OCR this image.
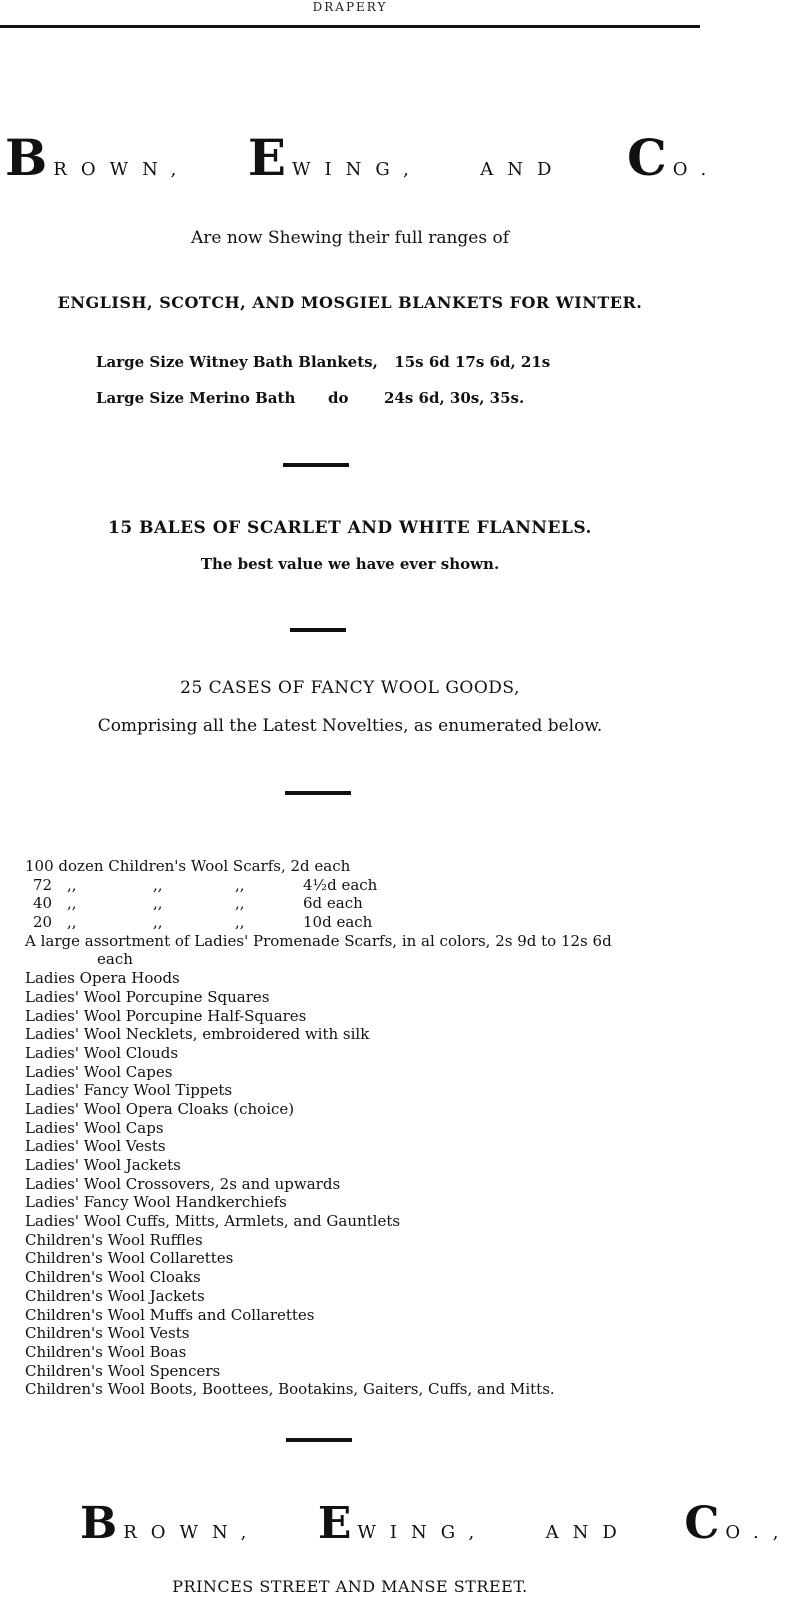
DRAPERY
BROWN, EWING,	AND CO.
Are now Shewing their full ranges of
ENGLISH, SCOTCH, AND MOSGIEL BLANKETS FOR WINTER.
Large Size Witney Bath Blankets, 15s 6d 17s 6d, 21s
Large Size Merino Bath do 24s 6d, 30s, 35s.
15 BALES OF SCARLET AND WHITE FLANNELS.
The best value we have ever shown.
25 CASES OF FANCY WOOL GOODS,
Comprising all the Latest Novelties, as enumerated below.
100 dozen Children's Wool Scarfs, 2d each
72 ,,	,,	,,	4½d each
40 ,,	,,	,,	6d each
20 ,,	,,	,,	10d each
A large assortment of Ladies' Promenade Scarfs, in al colors, 2s 9d to 12s 6d
each
Ladies Opera Hoods
Ladies' Wool Porcupine Squares
Ladies' Wool Porcupine Half-Squares
Ladies' Wool Necklets, embroidered with silk
Ladies' Wool Clouds
Ladies' Wool Capes
Ladies' Fancy Wool Tippets
Ladies' Wool Opera Cloaks (choice)
Ladies' Wool Caps
Ladies' Wool Vests
Ladies' Wool Jackets
Ladies' Wool Crossovers, 2s and upwards
Ladies' Fancy Wool Handkerchiefs
Ladies' Wool Cuffs, Mitts, Armlets, and Gauntlets
Children's Wool Ruffles
Children's Wool Collarettes
Children's Wool Cloaks
Children's Wool Jackets
Children's Wool Muffs and Collarettes
Children's Wool Vests
Children's Wool Boas
Children's Wool Spencers
Children's Wool Boots, Boottees, Bootakins, Gaiters, Cuffs, and Mitts.
BROWN, EWING,	AND CO.,
PRINCES STREET AND MANSE STREET.
